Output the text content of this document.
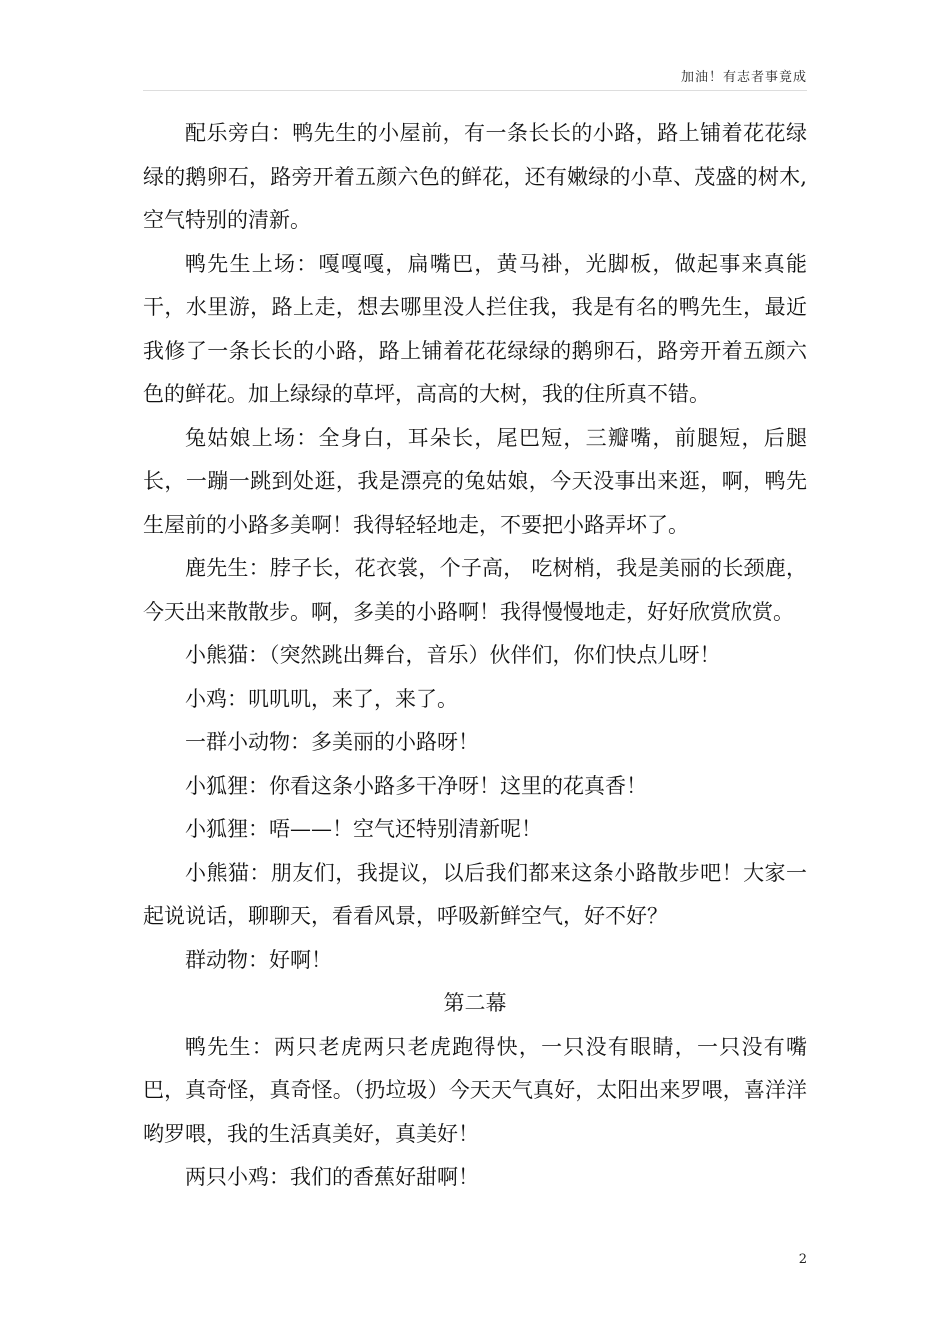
加油！有志者事竟成

配乐旁白：鸭先生的小屋前，有一条长长的小路，路上铺着花花绿绿的鹅卵石，路旁开着五颜六色的鲜花，还有嫩绿的小草、茂盛的树木,空气特别的清新。

鸭先生上场：嘎嘎嘎，扁嘴巴，黄马褂，光脚板，做起事来真能干，水里游，路上走，想去哪里没人拦住我，我是有名的鸭先生，最近我修了一条长长的小路，路上铺着花花绿绿的鹅卵石，路旁开着五颜六色的鲜花。加上绿绿的草坪，高高的大树，我的住所真不错。

兔姑娘上场：全身白，耳朵长，尾巴短，三瓣嘴，前腿短，后腿长，一蹦一跳到处逛，我是漂亮的兔姑娘，今天没事出来逛，啊，鸭先生屋前的小路多美啊！我得轻轻地走，不要把小路弄坏了。

鹿先生：脖子长，花衣裳，个子高， 吃树梢，我是美丽的长颈鹿，今天出来散散步。啊，多美的小路啊！我得慢慢地走，好好欣赏欣赏。

小熊猫：（突然跳出舞台，音乐）伙伴们，你们快点儿呀！

小鸡：叽叽叽，来了，来了。

一群小动物：多美丽的小路呀！

小狐狸：你看这条小路多干净呀！这里的花真香！

小狐狸：唔——！空气还特别清新呢！

小熊猫：朋友们，我提议，以后我们都来这条小路散步吧！大家一起说说话，聊聊天，看看风景，呼吸新鲜空气，好不好？

群动物：好啊！

第二幕

鸭先生：两只老虎两只老虎跑得快，一只没有眼睛，一只没有嘴巴，真奇怪，真奇怪。（扔垃圾）今天天气真好，太阳出来罗喂，喜洋洋哟罗喂，我的生活真美好，真美好！

两只小鸡：我们的香蕉好甜啊！

2
